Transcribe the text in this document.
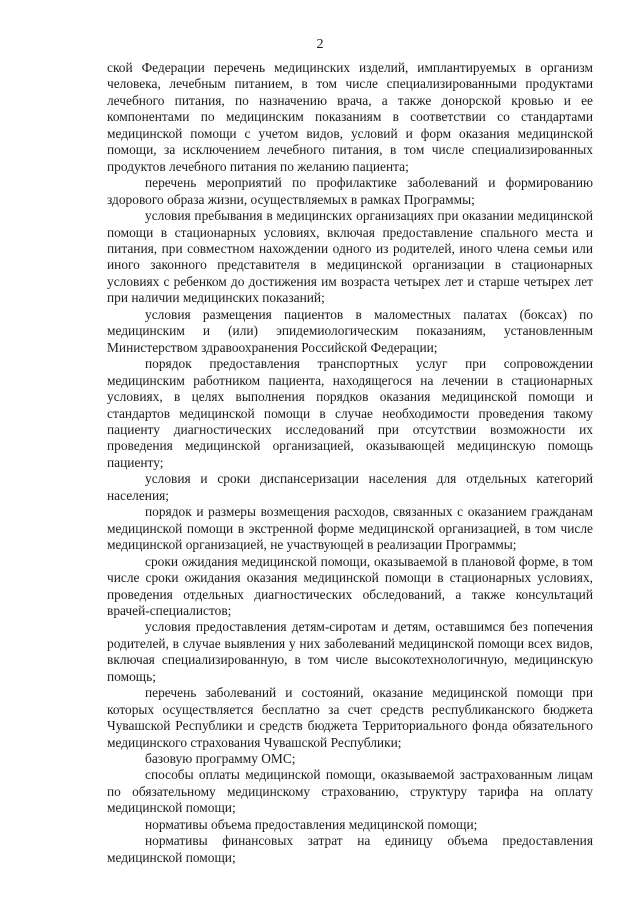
2

ской Федерации перечень медицинских изделий, имплантируемых в организм человека, лечебным питанием, в том числе специализированными продуктами лечебного питания, по назначению врача, а также донорской кровью и ее компонентами по медицинским показаниям в соответствии со стандартами медицинской помощи с учетом видов, условий и форм оказания медицинской помощи, за исключением лечебного питания, в том числе специализированных продуктов лечебного питания по желанию пациента;

перечень мероприятий по профилактике заболеваний и формированию здорового образа жизни, осуществляемых в рамках Программы;

условия пребывания в медицинских организациях при оказании медицинской помощи в стационарных условиях, включая предоставление спального места и питания, при совместном нахождении одного из родителей, иного члена семьи или иного законного представителя в медицинской организации в стационарных условиях с ребенком до достижения им возраста четырех лет и старше четырех лет при наличии медицинских показаний;

условия размещения пациентов в маломестных палатах (боксах) по медицинским и (или) эпидемиологическим показаниям, установленным Министерством здравоохранения Российской Федерации;

порядок предоставления транспортных услуг при сопровождении медицинским работником пациента, находящегося на лечении в стационарных условиях, в целях выполнения порядков оказания медицинской помощи и стандартов медицинской помощи в случае необходимости проведения такому пациенту диагностических исследований при отсутствии возможности их проведения медицинской организацией, оказывающей медицинскую помощь пациенту;

условия и сроки диспансеризации населения для отдельных категорий населения;

порядок и размеры возмещения расходов, связанных с оказанием гражданам медицинской помощи в экстренной форме медицинской организацией, в том числе медицинской организацией, не участвующей в реализации Программы;

сроки ожидания медицинской помощи, оказываемой в плановой форме, в том числе сроки ожидания оказания медицинской помощи в стационарных условиях, проведения отдельных диагностических обследований, а также консультаций врачей-специалистов;

условия предоставления детям-сиротам и детям, оставшимся без попечения родителей, в случае выявления у них заболеваний медицинской помощи всех видов, включая специализированную, в том числе высокотехнологичную, медицинскую помощь;

перечень заболеваний и состояний, оказание медицинской помощи при которых осуществляется бесплатно за счет средств республиканского бюджета Чувашской Республики и средств бюджета Территориального фонда обязательного медицинского страхования Чувашской Республики;

базовую программу ОМС;

способы оплаты медицинской помощи, оказываемой застрахованным лицам по обязательному медицинскому страхованию, структуру тарифа на оплату медицинской помощи;

нормативы объема предоставления медицинской помощи;

нормативы финансовых затрат на единицу объема предоставления медицинской помощи;
